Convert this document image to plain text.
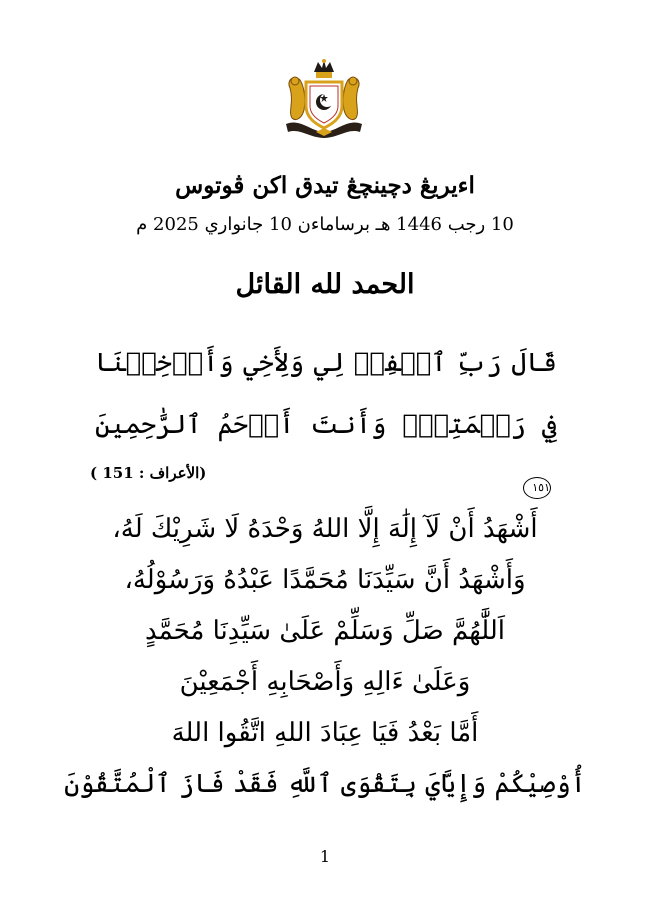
اءيريڠ دچينچڠ تيدق اكن ڤوتوس
10 رجب 1446 هـ برساماءن 10 جانواري 2025 م
الحمد لله القائل
قَالَ رَبِّ ٱغۡفِرۡ لِي وَلِأَخِي وَأَدۡخِلۡنَا فِي رَحۡمَتِكَۖ وَأَنتَ أَرۡحَمُ ٱلرَّٰحِمِينَ ١٥١
(الأعراف : 151 )
أَشْهَدُ أَنْ لَآ إِلَٰهَ إِلَّا اللهُ وَحْدَهُ لَا شَرِيْكَ لَهُ،
وَأَشْهَدُ أَنَّ سَيِّدَنَا مُحَمَّدًا عَبْدُهُ وَرَسُوْلُهُ،
اَللَّٰهُمَّ صَلِّ وَسَلِّمْ عَلَىٰ سَيِّدِنَا مُحَمَّدٍ
وَعَلَىٰ ءَالِهِ وَأَصْحَابِهِ أَجْمَعِيْنَ
أَمَّا بَعْدُ فَيَا عِبَادَ اللهِ اتَّقُوا اللهَ
أُوْصِيْكُمْ وَإِيَّايَ بِتَقْوَى ٱللَّهِ فَقَدْ فَازَ ٱلْمُتَّقُوْنَ
1
